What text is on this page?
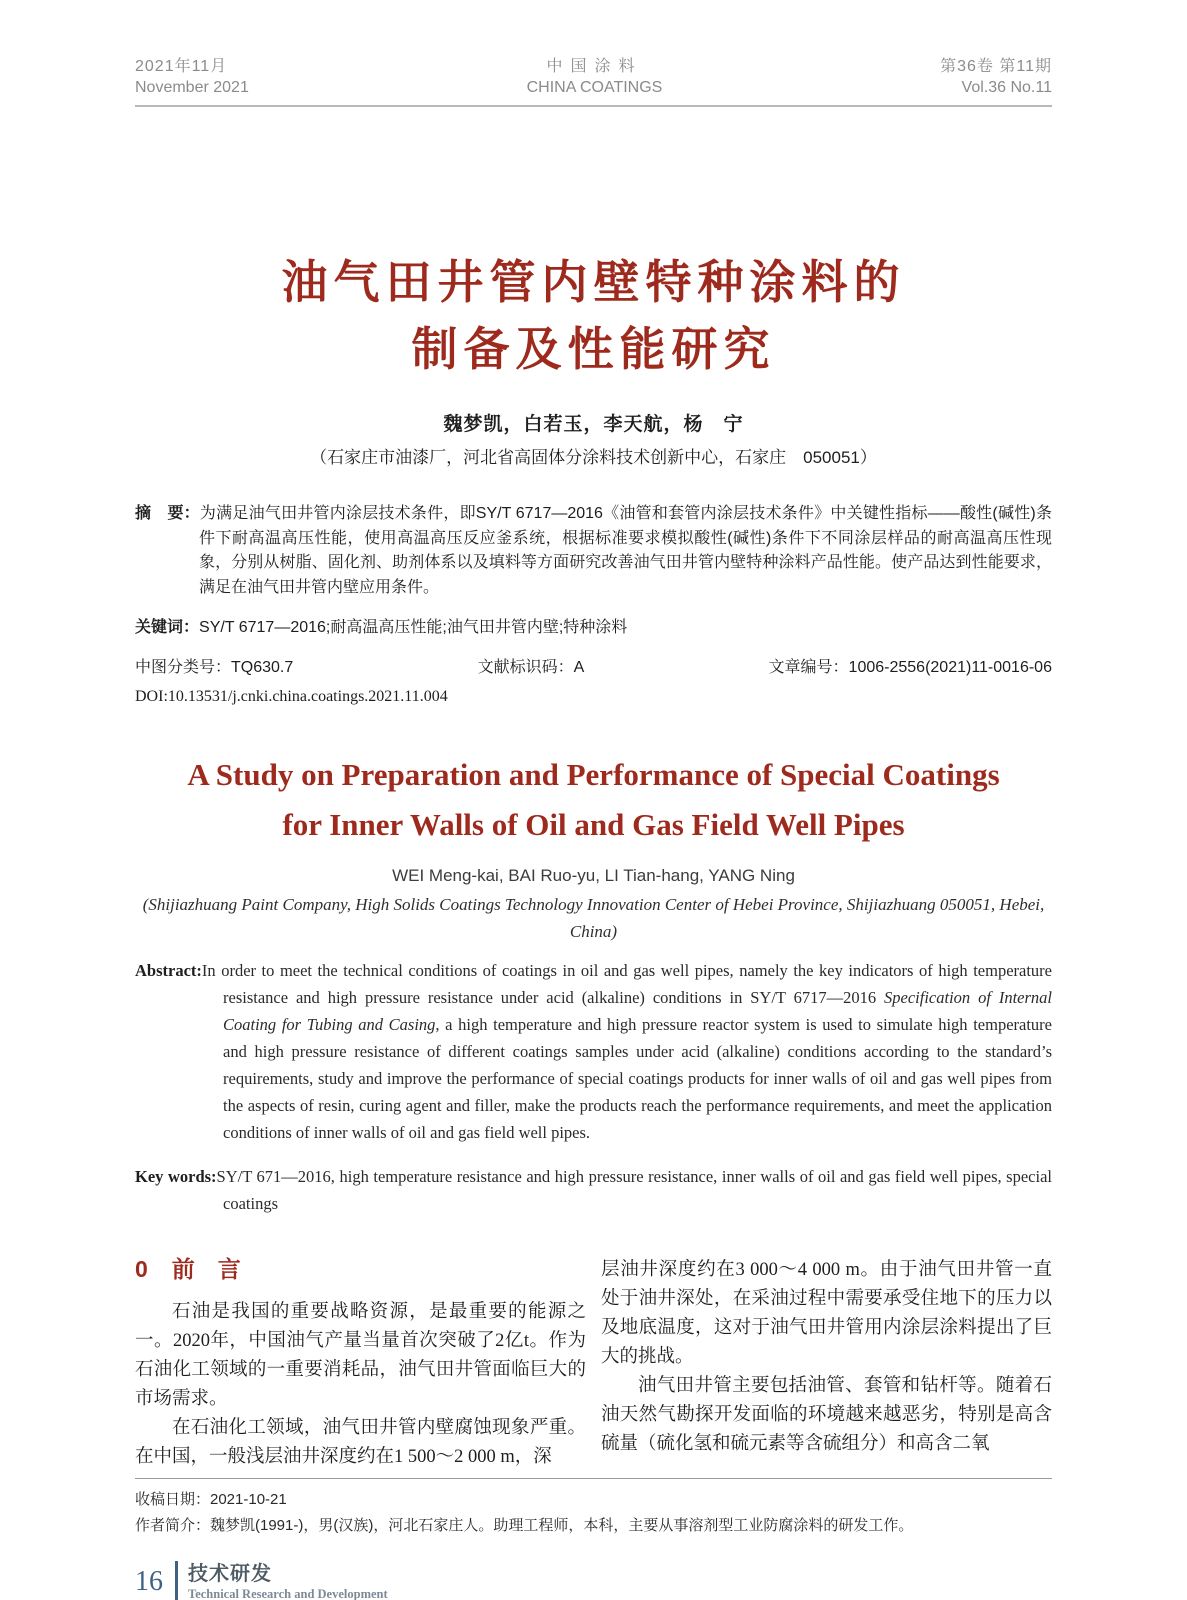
2021年11月
November 2021
中国涂料
CHINA COATINGS
第36卷 第11期
Vol.36 No.11
油气田井管内壁特种涂料的
制备及性能研究
魏梦凯，白若玉，李天航，杨　宁
（石家庄市油漆厂，河北省高固体分涂料技术创新中心，石家庄　050051）

摘　要：为满足油气田井管内涂层技术条件，即SY/T 6717—2016《油管和套管内涂层技术条件》中关键性指标——酸性(碱性)条件下耐高温高压性能，使用高温高压反应釜系统，根据标准要求模拟酸性(碱性)条件下不同涂层样品的耐高温高压性现象，分别从树脂、固化剂、助剂体系以及填料等方面研究改善油气田井管内壁特种涂料产品性能。使产品达到性能要求，满足在油气田井管内壁应用条件。

关键词：SY/T 6717—2016;耐高温高压性能;油气田井管内壁;特种涂料

中图分类号：TQ630.7	文献标识码：A	文章编号：1006-2556(2021)11-0016-06
DOI:10.13531/j.cnki.china.coatings.2021.11.004
A Study on Preparation and Performance of Special Coatings
for Inner Walls of Oil and Gas Field Well Pipes
WEI Meng-kai, BAI Ruo-yu, LI Tian-hang, YANG Ning
(Shijiazhuang Paint Company, High Solids Coatings Technology Innovation Center of Hebei Province, Shijiazhuang 050051, Hebei, China)

Abstract:In order to meet the technical conditions of coatings in oil and gas well pipes, namely the key indicators of high temperature resistance and high pressure resistance under acid (alkaline) conditions in SY/T 6717—2016 Specification of Internal Coating for Tubing and Casing, a high temperature and high pressure reactor system is used to simulate high temperature and high pressure resistance of different coatings samples under acid (alkaline) conditions according to the standard’s requirements, study and improve the performance of special coatings products for inner walls of oil and gas well pipes from the aspects of resin, curing agent and filler, make the products reach the performance requirements, and meet the application conditions of inner walls of oil and gas field well pipes.

Key words:SY/T 671—2016, high temperature resistance and high pressure resistance, inner walls of oil and gas field well pipes, special coatings

0 前　言

石油是我国的重要战略资源，是最重要的能源之一。2020年，中国油气产量当量首次突破了2亿t。作为石油化工领域的一重要消耗品，油气田井管面临巨大的市场需求。

在石油化工领域，油气田井管内壁腐蚀现象严重。在中国，一般浅层油井深度约在1 500～2 000 m，深

层油井深度约在3 000～4 000 m。由于油气田井管一直处于油井深处，在采油过程中需要承受住地下的压力以及地底温度，这对于油气田井管用内涂层涂料提出了巨大的挑战。

油气田井管主要包括油管、套管和钻杆等。随着石油天然气勘探开发面临的环境越来越恶劣，特别是高含硫量（硫化氢和硫元素等含硫组分）和高含二氧

收稿日期：2021-10-21

作者简介：魏梦凯(1991-)，男(汉族)，河北石家庄人。助理工程师，本科，主要从事溶剂型工业防腐涂料的研发工作。

16 技术研发
Technical Research and Development
